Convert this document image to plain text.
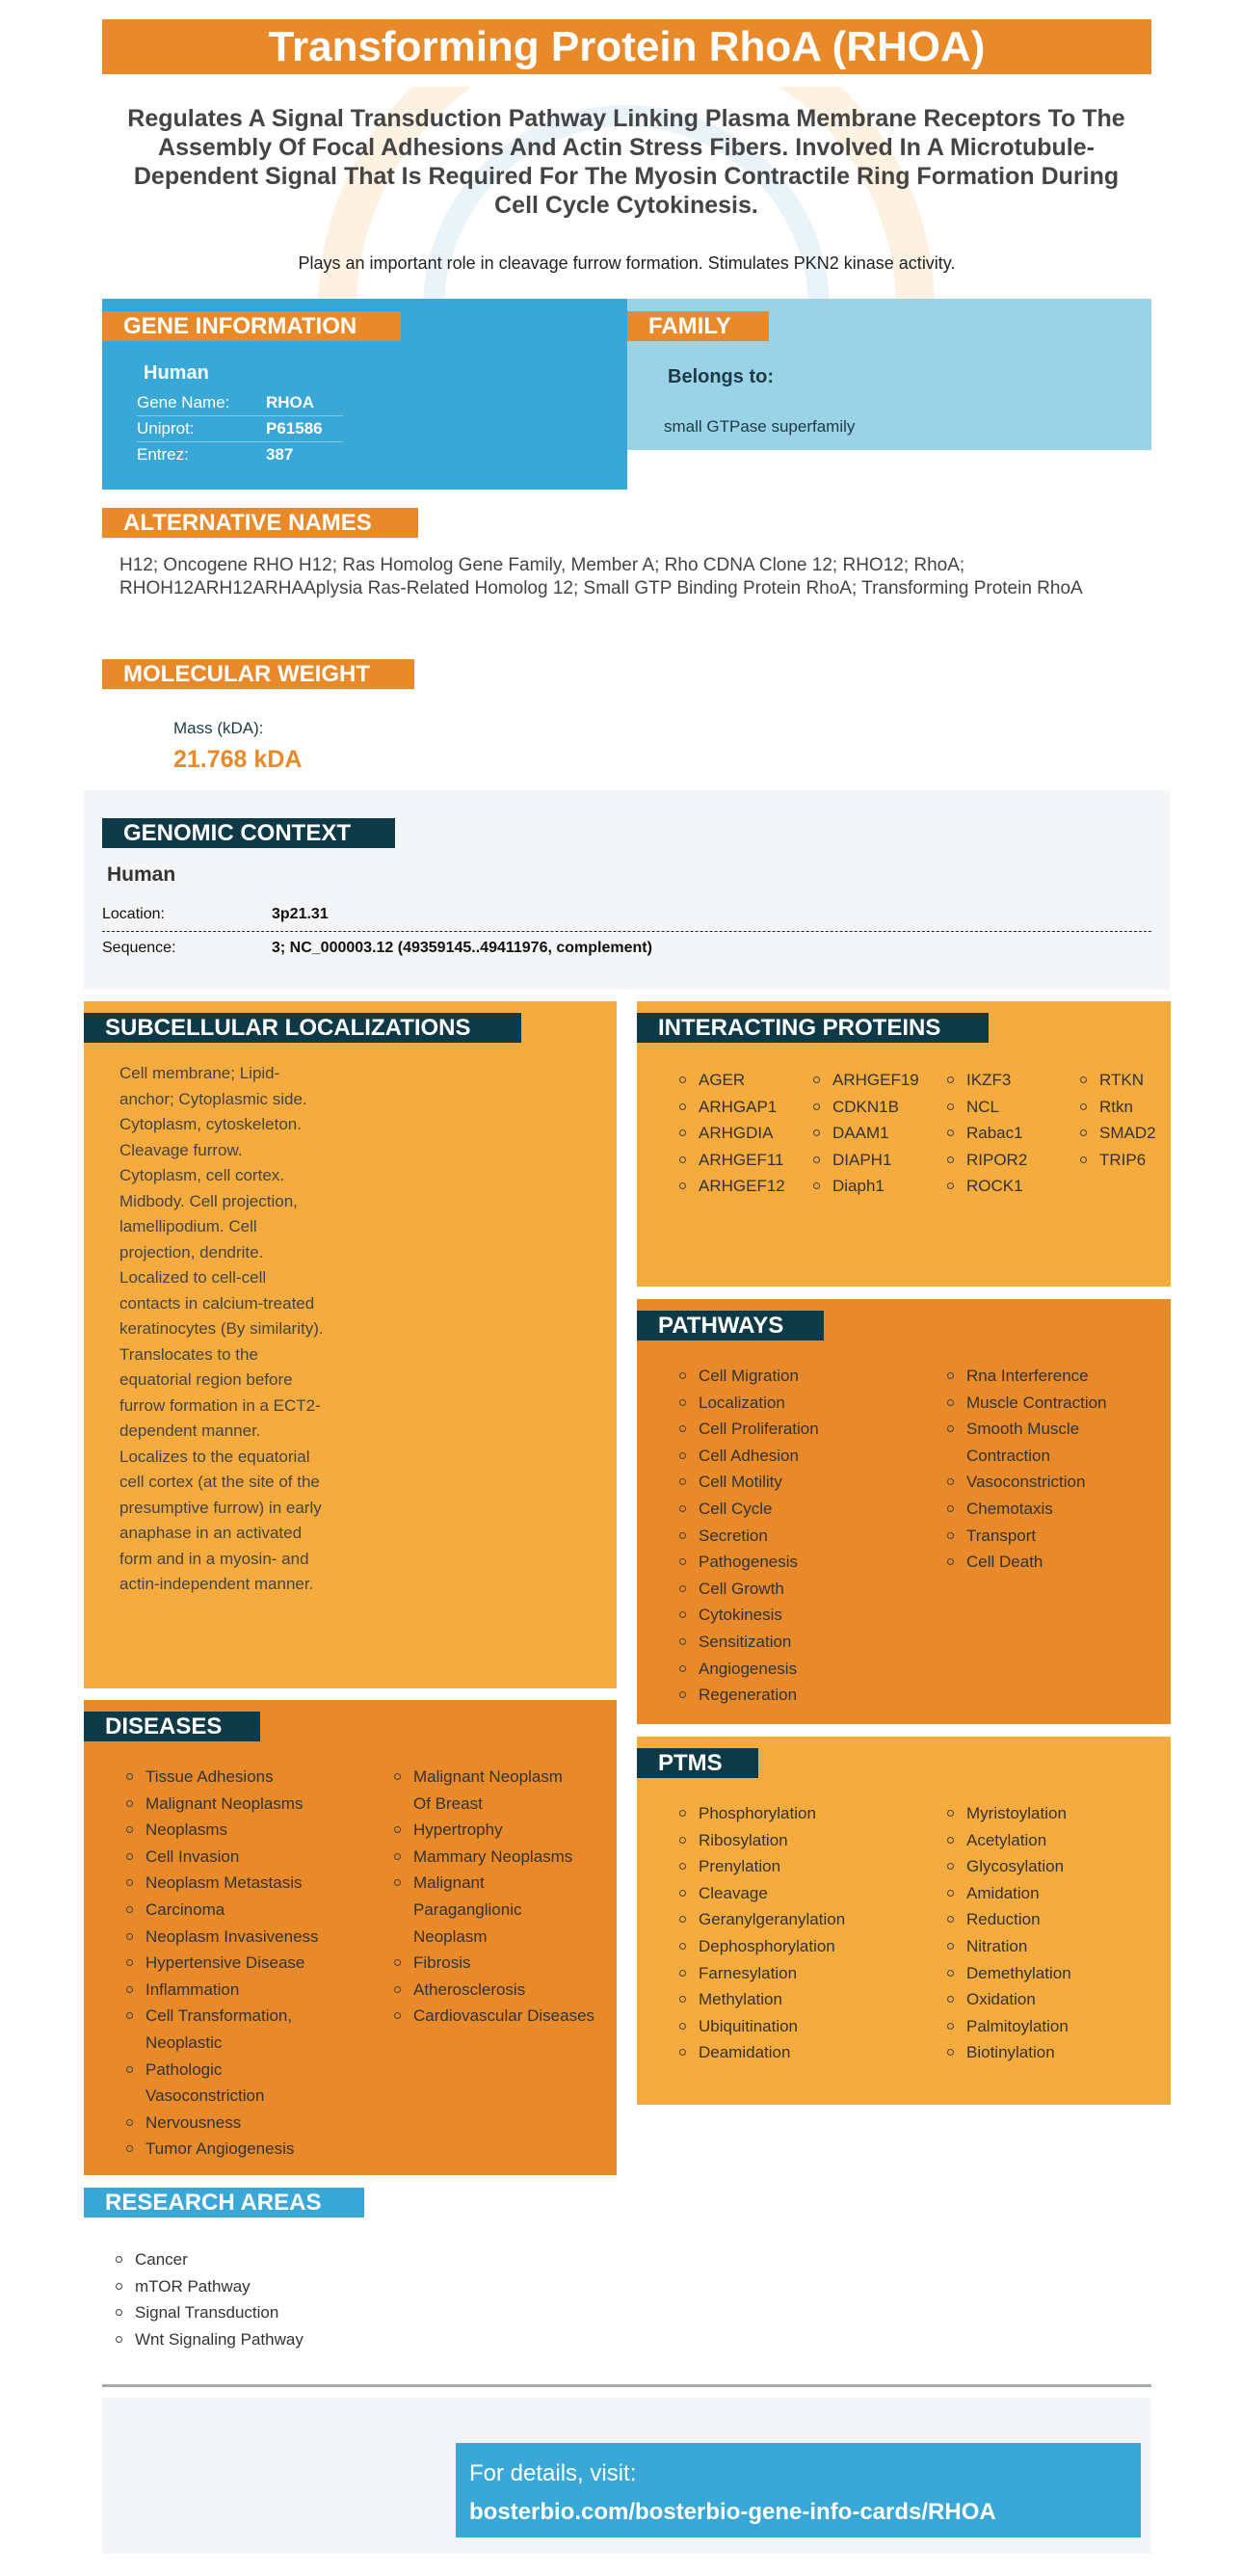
Transforming Protein RhoA (RHOA)
Regulates A Signal Transduction Pathway Linking Plasma Membrane Receptors To The Assembly Of Focal Adhesions And Actin Stress Fibers. Involved In A Microtubule-Dependent Signal That Is Required For The Myosin Contractile Ring Formation During Cell Cycle Cytokinesis.
Plays an important role in cleavage furrow formation. Stimulates PKN2 kinase activity.
GENE INFORMATION
Human
Gene Name:	RHOA
Uniprot:	P61586
Entrez:	387
FAMILY
Belongs to:
small GTPase superfamily
ALTERNATIVE NAMES
H12; Oncogene RHO H12; Ras Homolog Gene Family, Member A; Rho CDNA Clone 12; RHO12; RhoA; RHOH12ARH12ARHAAplysia Ras-Related Homolog 12; Small GTP Binding Protein RhoA; Transforming Protein RhoA
MOLECULAR WEIGHT
Mass (kDA):
21.768 kDA
GENOMIC CONTEXT
Human
Location:	3p21.31
Sequence:	3; NC_000003.12 (49359145..49411976, complement)
SUBCELLULAR LOCALIZATIONS
Cell membrane; Lipid-anchor; Cytoplasmic side. Cytoplasm, cytoskeleton. Cleavage furrow. Cytoplasm, cell cortex. Midbody. Cell projection, lamellipodium. Cell projection, dendrite. Localized to cell-cell contacts in calcium-treated keratinocytes (By similarity). Translocates to the equatorial region before furrow formation in a ECT2-dependent manner. Localizes to the equatorial cell cortex (at the site of the presumptive furrow) in early anaphase in an activated form and in a myosin- and actin-independent manner.
INTERACTING PROTEINS
AGER
ARHGAP1
ARHGDIA
ARHGEF11
ARHGEF12
ARHGEF19
CDKN1B
DAAM1
DIAPH1
Diaph1
IKZF3
NCL
Rabac1
RIPOR2
ROCK1
RTKN
Rtkn
SMAD2
TRIP6
PATHWAYS
Cell Migration
Localization
Cell Proliferation
Cell Adhesion
Cell Motility
Cell Cycle
Secretion
Pathogenesis
Cell Growth
Cytokinesis
Sensitization
Angiogenesis
Regeneration
Rna Interference
Muscle Contraction
Smooth Muscle Contraction
Vasoconstriction
Chemotaxis
Transport
Cell Death
DISEASES
Tissue Adhesions
Malignant Neoplasms
Neoplasms
Cell Invasion
Neoplasm Metastasis
Carcinoma
Neoplasm Invasiveness
Hypertensive Disease
Inflammation
Cell Transformation, Neoplastic
Pathologic Vasoconstriction
Nervousness
Tumor Angiogenesis
Malignant Neoplasm Of Breast
Hypertrophy
Mammary Neoplasms
Malignant Paraganglionic Neoplasm
Fibrosis
Atherosclerosis
Cardiovascular Diseases
PTMS
Phosphorylation
Ribosylation
Prenylation
Cleavage
Geranylgeranylation
Dephosphorylation
Farnesylation
Methylation
Ubiquitination
Deamidation
Myristoylation
Acetylation
Glycosylation
Amidation
Reduction
Nitration
Demethylation
Oxidation
Palmitoylation
Biotinylation
RESEARCH AREAS
Cancer
mTOR Pathway
Signal Transduction
Wnt Signaling Pathway
For details, visit:
bosterbio.com/bosterbio-gene-info-cards/RHOA
